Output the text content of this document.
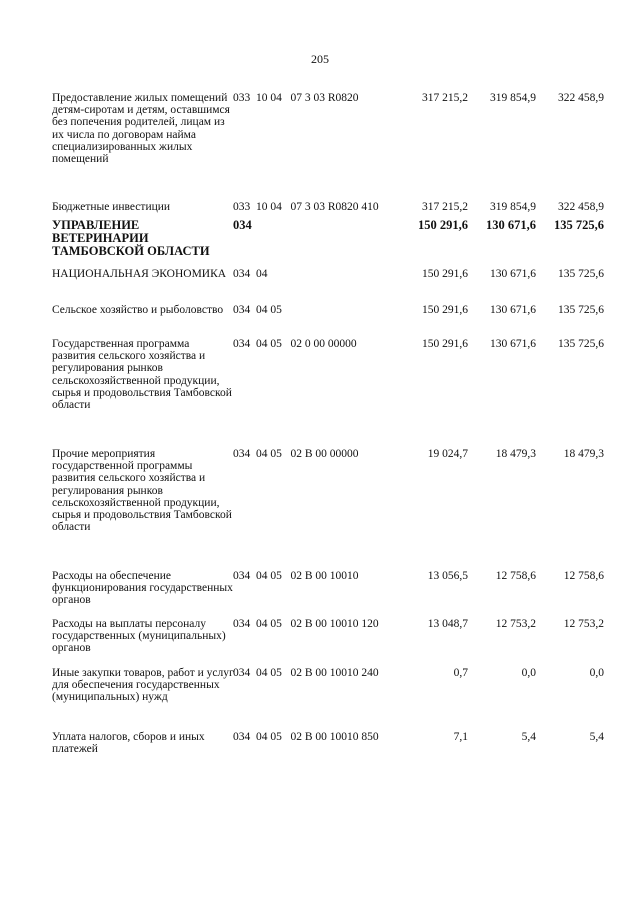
205
Предоставление жилых помещений детям-сиротам и детям, оставшимся без попечения родителей, лицам из их числа по договорам найма специализированных жилых помещений
033  10 04   07 3 03 R0820	317 215,2	319 854,9	322 458,9
Бюджетные инвестиции	033  10 04   07 3 03 R0820 410	317 215,2	319 854,9	322 458,9
УПРАВЛЕНИЕ ВЕТЕРИНАРИИ ТАМБОВСКОЙ ОБЛАСТИ
034	150 291,6	130 671,6	135 725,6
НАЦИОНАЛЬНАЯ ЭКОНОМИКА 034  04	150 291,6	130 671,6	135 725,6
Сельское хозяйство и рыболовство 034  04 05	150 291,6	130 671,6	135 725,6
Государственная программа развития сельского хозяйства и регулирования рынков сельскохозяйственной продукции, сырья и продовольствия Тамбовской области
034  04 05   02 0 00 00000	150 291,6	130 671,6	135 725,6
Прочие мероприятия государственной программы развития сельского хозяйства и регулирования рынков сельскохозяйственной продукции, сырья и продовольствия Тамбовской области
034  04 05   02 В 00 00000	19 024,7	18 479,3	18 479,3
Расходы на обеспечение функционирования государственных органов
034  04 05   02 В 00 10010	13 056,5	12 758,6	12 758,6
Расходы на выплаты персоналу государственных (муниципальных) органов
034  04 05   02 В 00 10010 120	13 048,7	12 753,2	12 753,2
Иные закупки товаров, работ и услуг для обеспечения государственных (муниципальных) нужд
034  04 05   02 В 00 10010 240	0,7	0,0	0,0
Уплата налогов, сборов и иных платежей
034  04 05   02 В 00 10010 850	7,1	5,4	5,4
